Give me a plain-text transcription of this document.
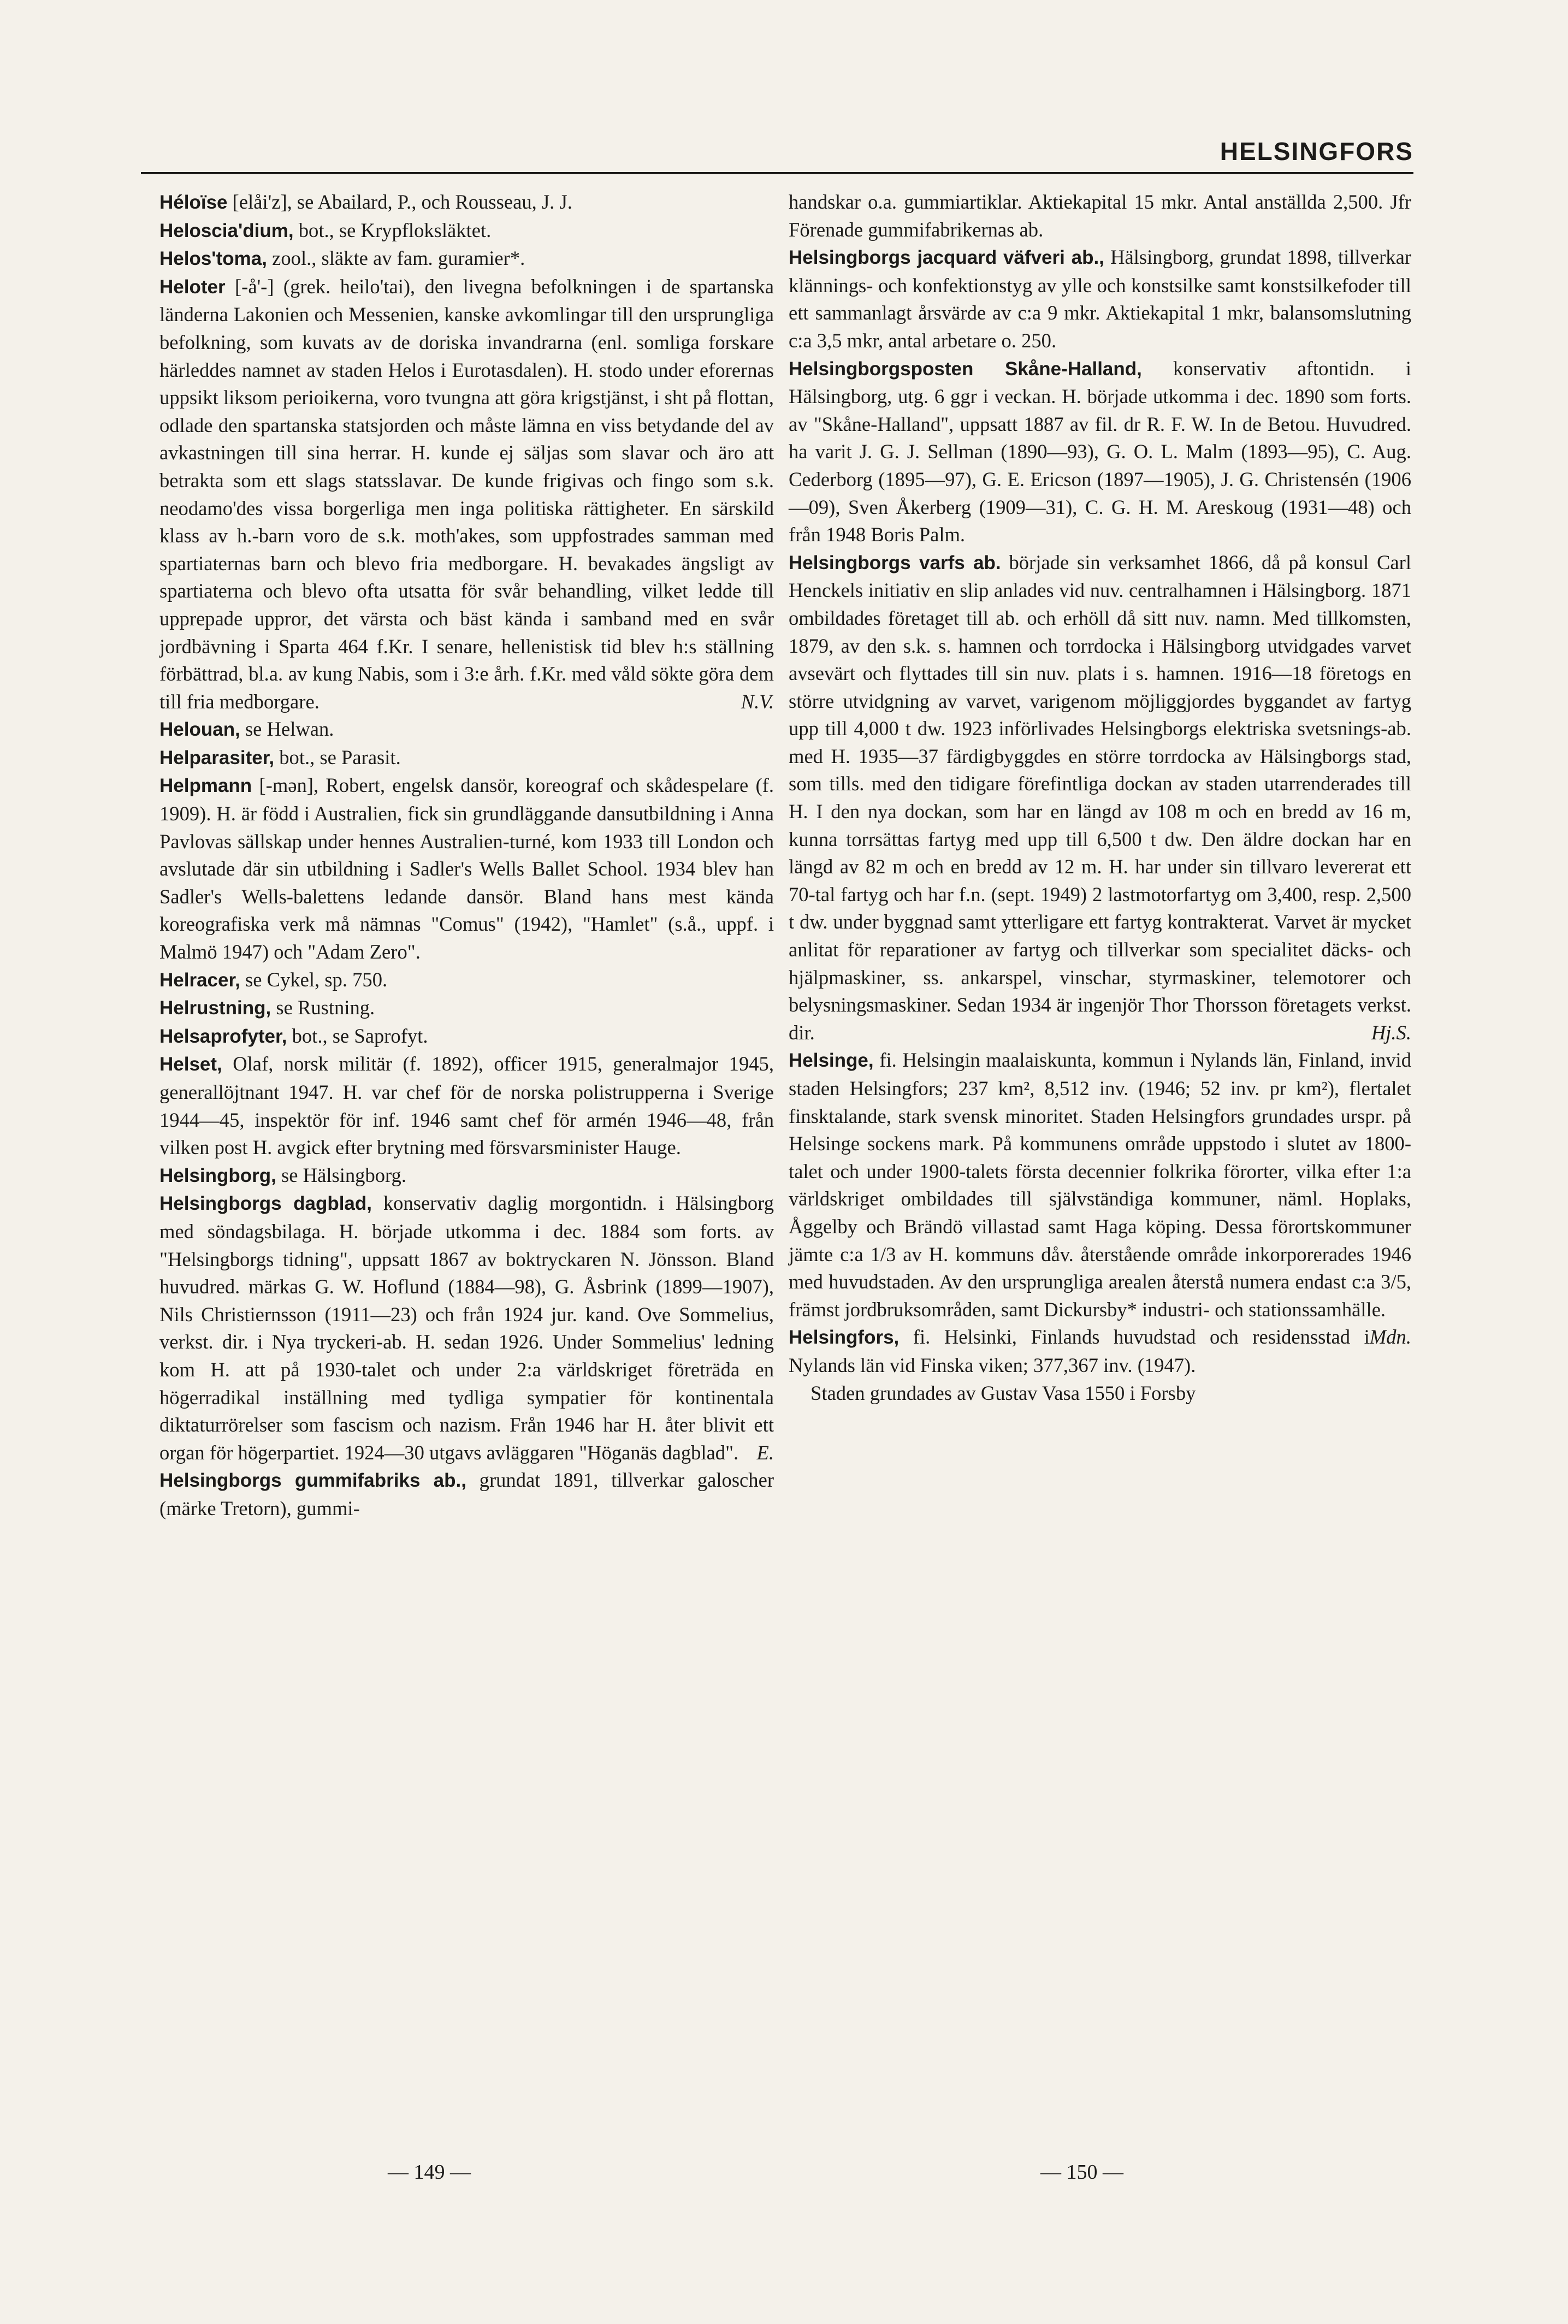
HELSINGFORS

Héloïse [elåi'z], se Abailard, P., och Rousseau, J. J.

Heloscia'dium, bot., se Krypfloksläktet.

Helos'toma, zool., släkte av fam. guramier*.

Heloter [-å'-] (grek. heilo'tai), den livegna befolkningen i de spartanska länderna Lakonien och Messenien, kanske avkomlingar till den ursprungliga befolkning, som kuvats av de doriska invandrarna (enl. somliga forskare härleddes namnet av staden Helos i Eurotasdalen). H. stodo under eforernas uppsikt liksom perioikerna, voro tvungna att göra krigstjänst, i sht på flottan, odlade den spartanska statsjorden och måste lämna en viss betydande del av avkastningen till sina herrar. H. kunde ej säljas som slavar och äro att betrakta som ett slags statsslavar. De kunde frigivas och fingo som s.k. neodamo'des vissa borgerliga men inga politiska rättigheter. En särskild klass av h.-barn voro de s.k. moth'akes, som uppfostrades samman med spartiaternas barn och blevo fria medborgare. H. bevakades ängsligt av spartiaterna och blevo ofta utsatta för svår behandling, vilket ledde till upprepade uppror, det värsta och bäst kända i samband med en svår jordbävning i Sparta 464 f.Kr. I senare, hellenistisk tid blev h:s ställning förbättrad, bl.a. av kung Nabis, som i 3:e årh. f.Kr. med våld sökte göra dem till fria medborgare.	N.V.

Helouan, se Helwan.

Helparasiter, bot., se Parasit.

Helpmann [-mən], Robert, engelsk dansör, koreograf och skådespelare (f. 1909). H. är född i Australien, fick sin grundläggande dansutbildning i Anna Pavlovas sällskap under hennes Australien-turné, kom 1933 till London och avslutade där sin utbildning i Sadler's Wells Ballet School. 1934 blev han Sadler's Wells-balettens ledande dansör. Bland hans mest kända koreografiska verk må nämnas "Comus" (1942), "Hamlet" (s.å., uppf. i Malmö 1947) och "Adam Zero".

Helracer, se Cykel, sp. 750.

Helrustning, se Rustning.

Helsaprofyter, bot., se Saprofyt.

Helset, Olaf, norsk militär (f. 1892), officer 1915, generalmajor 1945, generallöjtnant 1947. H. var chef för de norska polistrupperna i Sverige 1944—45, inspektör för inf. 1946 samt chef för armén 1946—48, från vilken post H. avgick efter brytning med försvarsminister Hauge.

Helsingborg, se Hälsingborg.

Helsingborgs dagblad, konservativ daglig morgontidn. i Hälsingborg med söndagsbilaga. H. började utkomma i dec. 1884 som forts. av "Helsingborgs tidning", uppsatt 1867 av boktryckaren N. Jönsson. Bland huvudred. märkas G. W. Hoflund (1884—98), G. Åsbrink (1899—1907), Nils Christiernsson (1911—23) och från 1924 jur. kand. Ove Sommelius, verkst. dir. i Nya tryckeri-ab. H. sedan 1926. Under Sommelius' ledning kom H. att på 1930-talet och under 2:a världskriget företräda en högerradikal inställning med tydliga sympatier för kontinentala diktaturrörelser som fascism och nazism. Från 1946 har H. åter blivit ett organ för högerpartiet. 1924—30 utgavs avläggaren "Höganäs dagblad". E.

Helsingborgs gummifabriks ab., grundat 1891, tillverkar galoscher (märke Tretorn), gummi-

handskar o.a. gummiartiklar. Aktiekapital 15 mkr. Antal anställda 2,500. Jfr Förenade gummifabrikernas ab.

Helsingborgs jacquard väfveri ab., Hälsingborg, grundat 1898, tillverkar klännings- och konfektionstyg av ylle och konstsilke samt konstsilkefoder till ett sammanlagt årsvärde av c:a 9 mkr. Aktiekapital 1 mkr, balansomslutning c:a 3,5 mkr, antal arbetare o. 250.

Helsingborgsposten Skåne-Halland, konservativ aftontidn. i Hälsingborg, utg. 6 ggr i veckan. H. började utkomma i dec. 1890 som forts. av "Skåne-Halland", uppsatt 1887 av fil. dr R. F. W. In de Betou. Huvudred. ha varit J. G. J. Sellman (1890—93), G. O. L. Malm (1893—95), C. Aug. Cederborg (1895—97), G. E. Ericson (1897—1905), J. G. Christensén (1906—09), Sven Åkerberg (1909—31), C. G. H. M. Areskoug (1931—48) och från 1948 Boris Palm.

Helsingborgs varfs ab. började sin verksamhet 1866, då på konsul Carl Henckels initiativ en slip anlades vid nuv. centralhamnen i Hälsingborg. 1871 ombildades företaget till ab. och erhöll då sitt nuv. namn. Med tillkomsten, 1879, av den s.k. s. hamnen och torrdocka i Hälsingborg utvidgades varvet avsevärt och flyttades till sin nuv. plats i s. hamnen. 1916—18 företogs en större utvidgning av varvet, varigenom möjliggjordes byggandet av fartyg upp till 4,000 t dw. 1923 införlivades Helsingborgs elektriska svetsnings-ab. med H. 1935—37 färdigbyggdes en större torrdocka av Hälsingborgs stad, som tills. med den tidigare förefintliga dockan av staden utarrenderades till H. I den nya dockan, som har en längd av 108 m och en bredd av 16 m, kunna torrsättas fartyg med upp till 6,500 t dw. Den äldre dockan har en längd av 82 m och en bredd av 12 m. H. har under sin tillvaro levererat ett 70-tal fartyg och har f.n. (sept. 1949) 2 lastmotorfartyg om 3,400, resp. 2,500 t dw. under byggnad samt ytterligare ett fartyg kontrakterat. Varvet är mycket anlitat för reparationer av fartyg och tillverkar som specialitet däcks- och hjälpmaskiner, ss. ankarspel, vinschar, styrmaskiner, telemotorer och belysningsmaskiner. Sedan 1934 är ingenjör Thor Thorsson företagets verkst. dir.	Hj.S.

Helsinge, fi. Helsingin maalaiskunta, kommun i Nylands län, Finland, invid staden Helsingfors; 237 km², 8,512 inv. (1946; 52 inv. pr km²), flertalet finsktalande, stark svensk minoritet. Staden Helsingfors grundades urspr. på Helsinge sockens mark. På kommunens område uppstodo i slutet av 1800-talet och under 1900-talets första decennier folkrika förorter, vilka efter 1:a världskriget ombildades till självständiga kommuner, näml. Hoplaks, Åggelby och Brändö villastad samt Haga köping. Dessa förortskommuner jämte c:a 1/3 av H. kommuns dåv. återstående område inkorporerades 1946 med huvudstaden. Av den ursprungliga arealen återstå numera endast c:a 3/5, främst jordbruksområden, samt Dickursby* industri- och stationssamhälle.
Mdn.

Helsingfors, fi. Helsinki, Finlands huvudstad och residensstad i Nylands län vid Finska viken; 377,367 inv. (1947).

Staden grundades av Gustav Vasa 1550 i Forsby

— 149 —	— 150 —
